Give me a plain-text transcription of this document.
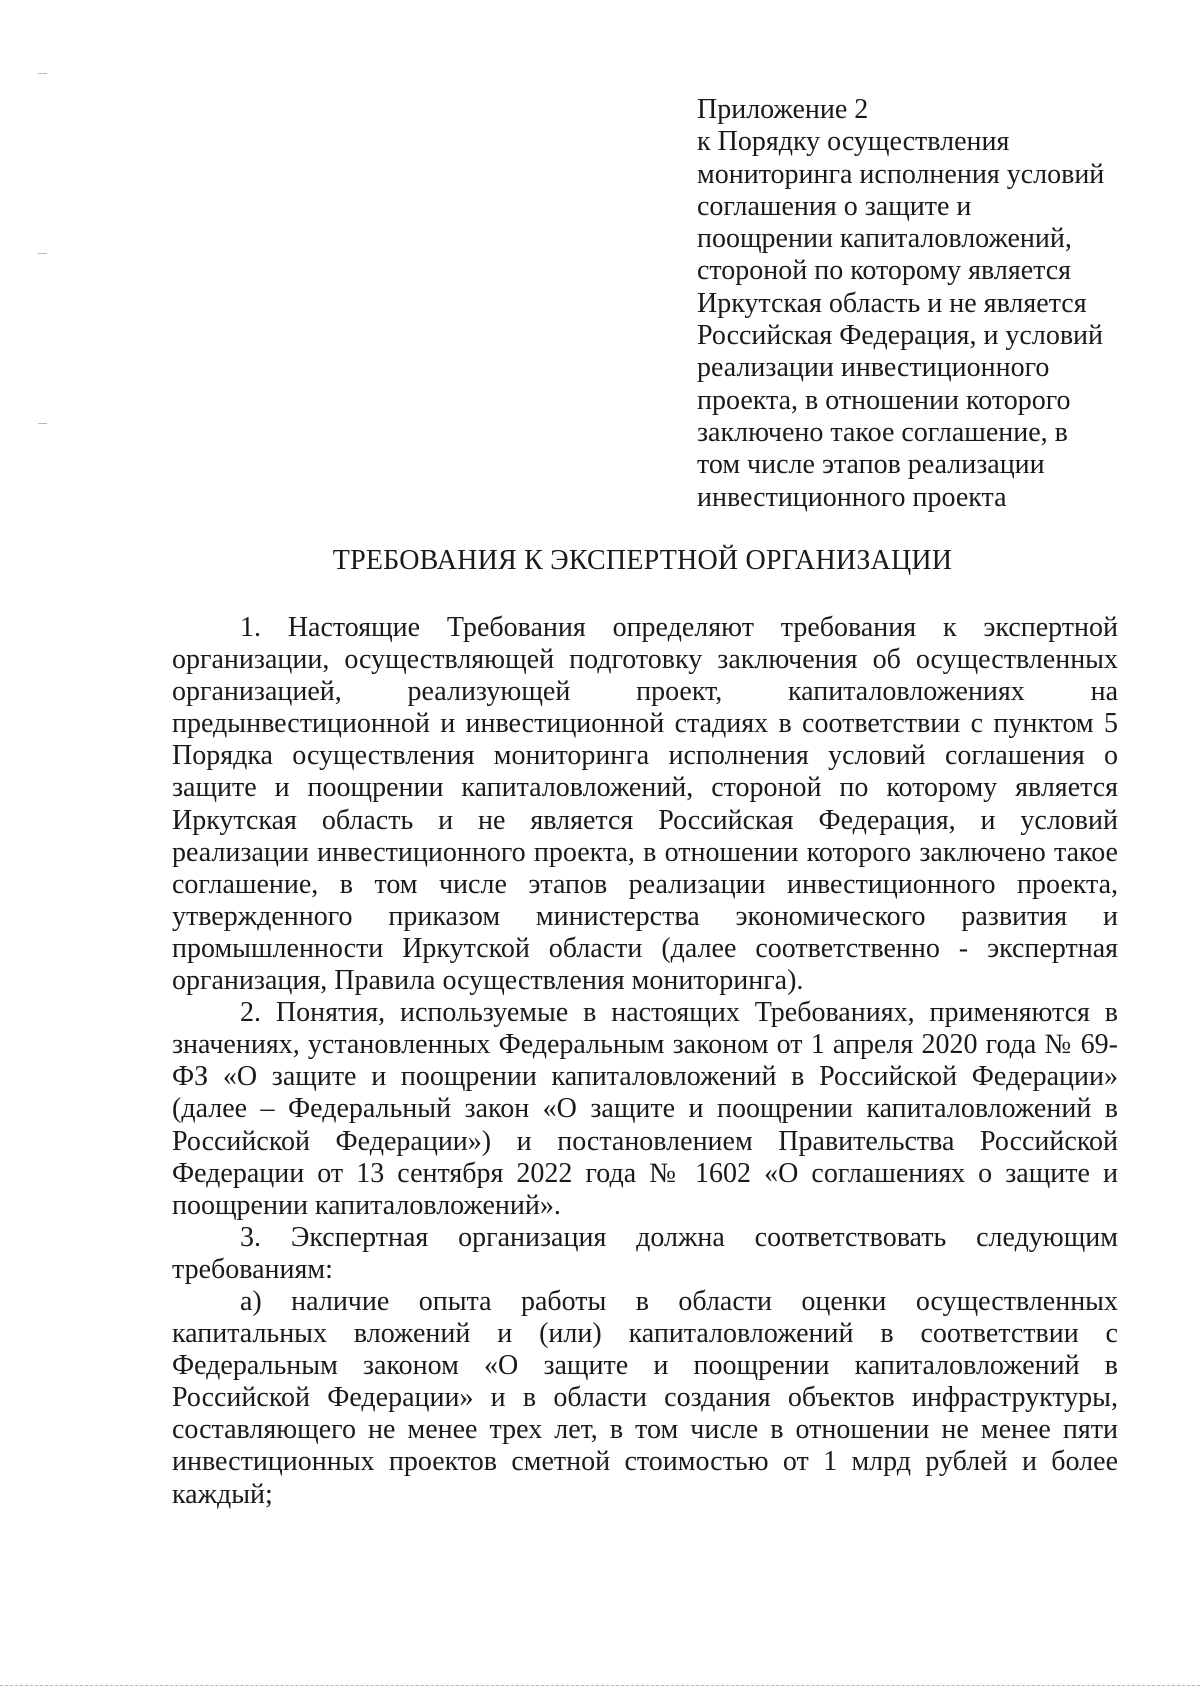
Приложение 2
к Порядку осуществления
мониторинга исполнения условий
соглашения о защите и
поощрении капиталовложений,
стороной по которому является
Иркутская область и не является
Российская Федерация, и условий
реализации инвестиционного
проекта, в отношении которого
заключено такое соглашение, в
том числе этапов реализации
инвестиционного проекта
ТРЕБОВАНИЯ К ЭКСПЕРТНОЙ ОРГАНИЗАЦИИ

1. Настоящие Требования определяют требования к экспертной организации, осуществляющей подготовку заключения об осуществленных организацией, реализующей проект, капиталовложениях на предынвестиционной и инвестиционной стадиях в соответствии с пунктом 5 Порядка осуществления мониторинга исполнения условий соглашения о защите и поощрении капиталовложений, стороной по которому является Иркутская область и не является Российская Федерация, и условий реализации инвестиционного проекта, в отношении которого заключено такое соглашение, в том числе этапов реализации инвестиционного проекта, утвержденного приказом министерства экономического развития и промышленности Иркутской области (далее соответственно - экспертная организация, Правила осуществления мониторинга).

2. Понятия, используемые в настоящих Требованиях, применяются в значениях, установленных Федеральным законом от 1 апреля 2020 года № 69-ФЗ «О защите и поощрении капиталовложений в Российской Федерации» (далее – Федеральный закон «О защите и поощрении капиталовложений в Российской Федерации») и постановлением Правительства Российской Федерации от 13 сентября 2022 года № 1602 «О соглашениях о защите и поощрении капиталовложений».

3. Экспертная организация должна соответствовать следующим требованиям:

а) наличие опыта работы в области оценки осуществленных капитальных вложений и (или) капиталовложений в соответствии с Федеральным законом «О защите и поощрении капиталовложений в Российской Федерации» и в области создания объектов инфраструктуры, составляющего не менее трех лет, в том числе в отношении не менее пяти инвестиционных проектов сметной стоимостью от 1 млрд рублей и более каждый;
